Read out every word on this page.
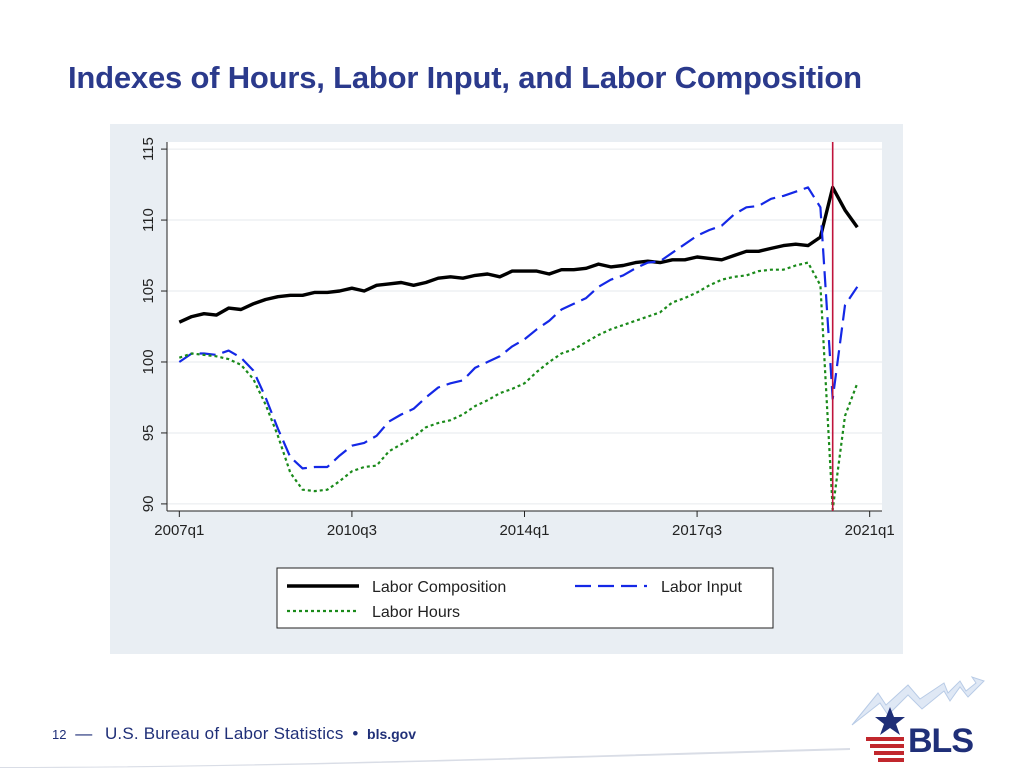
Indexes of Hours, Labor Input, and Labor Composition
90
95
100
105
110
115
2007q1	2010q3	2014q1	2017q3	2021q1
Labor Composition	Labor Input
Labor Hours
12 — U.S. Bureau of Labor Statistics • bls.gov	BLS
